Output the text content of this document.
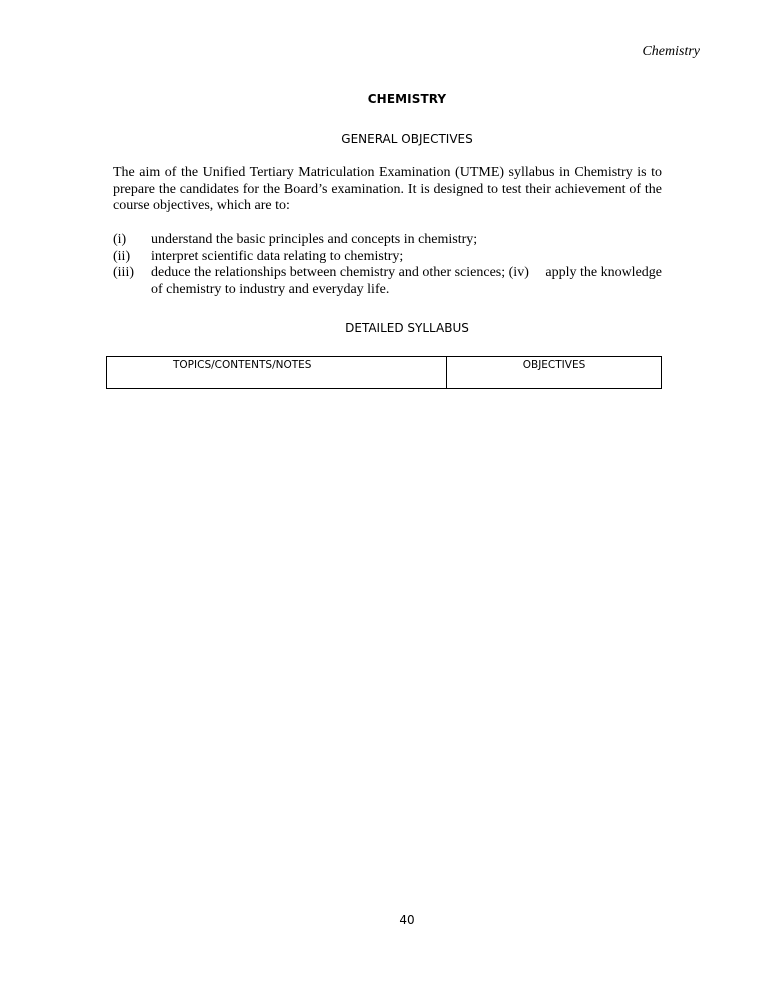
Chemistry
CHEMISTRY
GENERAL OBJECTIVES

The aim of the Unified Tertiary Matriculation Examination (UTME) syllabus in Chemistry is to prepare the candidates for the Board’s examination. It is designed to test their achievement of the course objectives, which are to:

(i)	understand the basic principles and concepts in chemistry;
(ii)	interpret scientific data relating to chemistry;
(iii)	apply the knowledge
deduce the relationships between chemistry and other sciences; (iv)
of chemistry to industry and everyday life.
DETAILED SYLLABUS
TOPICS/CONTENTS/NOTES	OBJECTIVES
40
